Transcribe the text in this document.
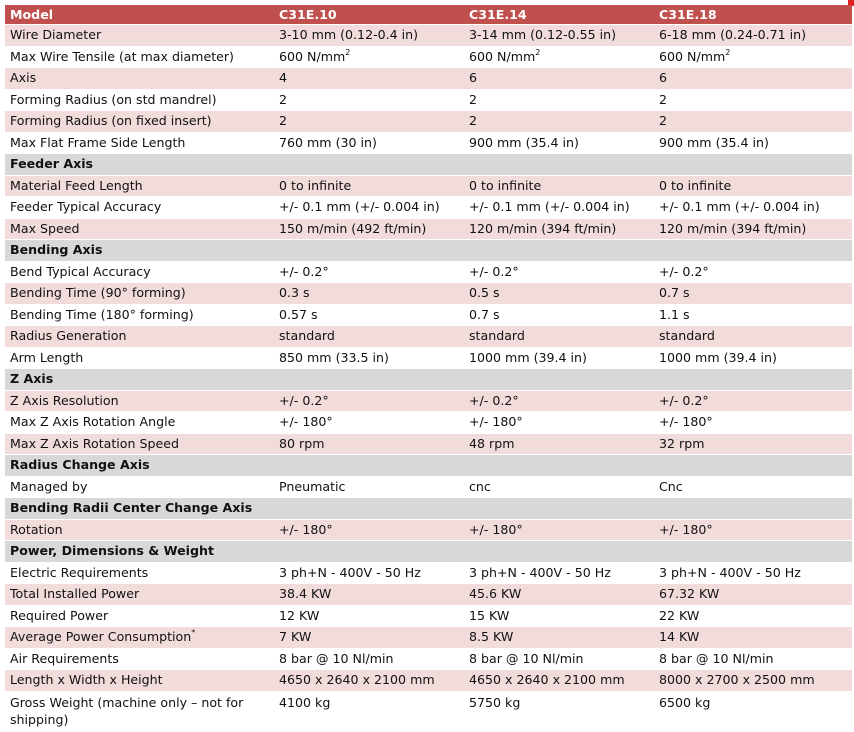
Model	C31E.10	C31E.14	C31E.18
Wire Diameter	3-10 mm (0.12-0.4 in)	3-14 mm (0.12-0.55 in)	6-18 mm (0.24-0.71 in)
Max Wire Tensile (at max diameter)	600 $N/mm^2$	600 $N/mm^2$	600 $N/mm^2$
Axis	4	6	6
Forming Radius (on std mandrel)	2	2	2
Forming Radius (on fixed insert)	2	2	2
Max Flat Frame Side Length	760 mm (30 in)	900 mm (35.4 in)	900 mm (35.4 in)
Feeder Axis			
Material Feed Length	0 to infinite	0 to infinite	0 to infinite
Feeder Typical Accuracy	+/- 0.1 mm (+/- 0.004 in)	+/- 0.1 mm (+/- 0.004 in)	+/- 0.1 mm (+/- 0.004 in)
Max Speed	150 m/min (492 ft/min)	120 m/min (394 ft/min)	120 m/min (394 ft/min)
Bending Axis			
Bend Typical Accuracy	+/- 0.2°	+/- 0.2°	+/- 0.2°
Bending Time (90° forming)	0.3 s	0.5 s	0.7 s
Bending Time (180° forming)	0.57 s	0.7 s	1.1 s
Radius Generation	standard	standard	standard
Arm Length	850 mm (33.5 in)	1000 mm (39.4 in)	1000 mm (39.4 in)
Z Axis			
Z Axis Resolution	+/- 0.2°	+/- 0.2°	+/- 0.2°
Max Z Axis Rotation Angle	+/- 180°	+/- 180°	+/- 180°
Max Z Axis Rotation Speed	80 rpm	48 rpm	32 rpm
Radius Change Axis			
Managed by	Pneumatic	cnc	Cnc
Bending Radii Center Change Axis			
Rotation	+/- 180°	+/- 180°	+/- 180°
Power, Dimensions & Weight			
Electric Requirements	3 ph+N - 400V - 50 Hz	3 ph+N - 400V - 50 Hz	3 ph+N - 400V - 50 Hz
Total Installed Power	38.4 KW	45.6 KW	67.32 KW
Required Power	12 KW	15 KW	22 KW
Average Power Consumption*	7 KW	8.5 KW	14 KW
Air Requirements	8 bar @ 10 Nl/min	8 bar @ 10 Nl/min	8 bar @ 10 Nl/min
Length x Width x Height	4650 x 2640 x 2100 mm	4650 x 2640 x 2100 mm	8000 x 2700 x 2500 mm
Gross Weight (machine only – not for shipping)	4100 kg	5750 kg	6500 kg
